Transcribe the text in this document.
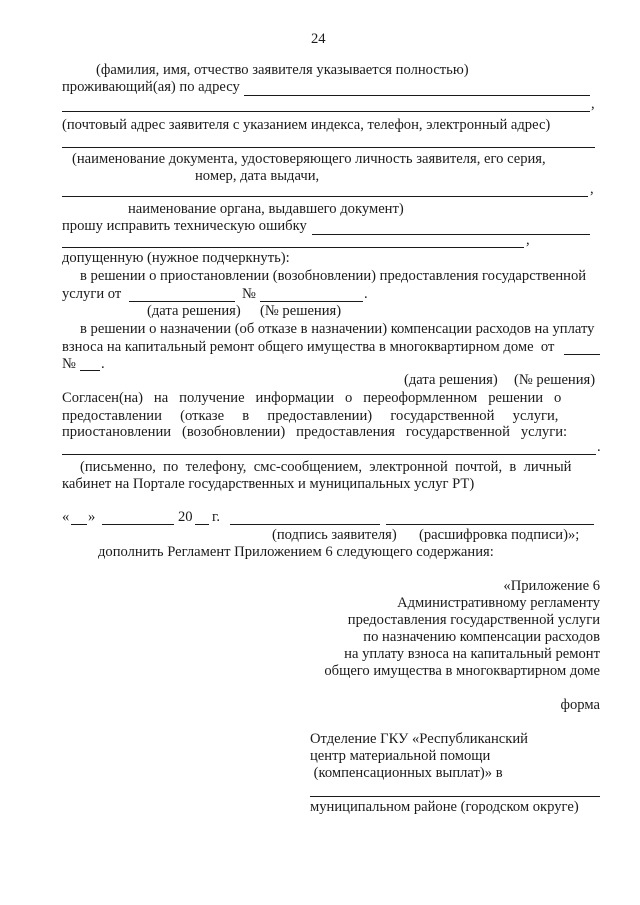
24
(фамилия, имя, отчество заявителя указывается полностью)
проживающий(ая) по адресу
,
(почтовый адрес заявителя с указанием индекса, телефон, электронный адрес)
(наименование документа, удостоверяющего личность заявителя, его серия,
номер, дата выдачи,
,
наименование органа, выдавшего документ)
прошу исправить техническую ошибку
,
допущенную (нужное подчеркнуть):
в решении о приостановлении (возобновлении) предоставления государственной
услуги от	№	.
(дата решения) (№ решения)
в решении о назначении (об отказе в назначении) компенсации расходов на уплату
взноса на капитальный ремонт общего имущества в многоквартирном доме  от
№ .
(дата решения) (№ решения)
Согласен(на)   на   получение   информации   о   переоформленном   решении   о
предоставлении     (отказе     в     предоставлении)     государственной     услуги,
приостановлении   (возобновлении)   предоставления   государственной   услуги:
.
(письменно,  по  телефону,  смс-сообщением,  электронной  почтой,  в  личный
кабинет на Портале государственных и муниципальных услуг РТ)
« »	20 г.
(подпись заявителя) (расшифровка подписи)»;
дополнить Регламент Приложением 6 следующего содержания:
«Приложение 6
Административному регламенту
предоставления государственной услуги
по назначению компенсации расходов
на уплату взноса на капитальный ремонт
общего имущества в многоквартирном доме
форма
Отделение ГКУ «Республиканский
центр материальной помощи
(компенсационных выплат)» в
муниципальном районе (городском округе)
